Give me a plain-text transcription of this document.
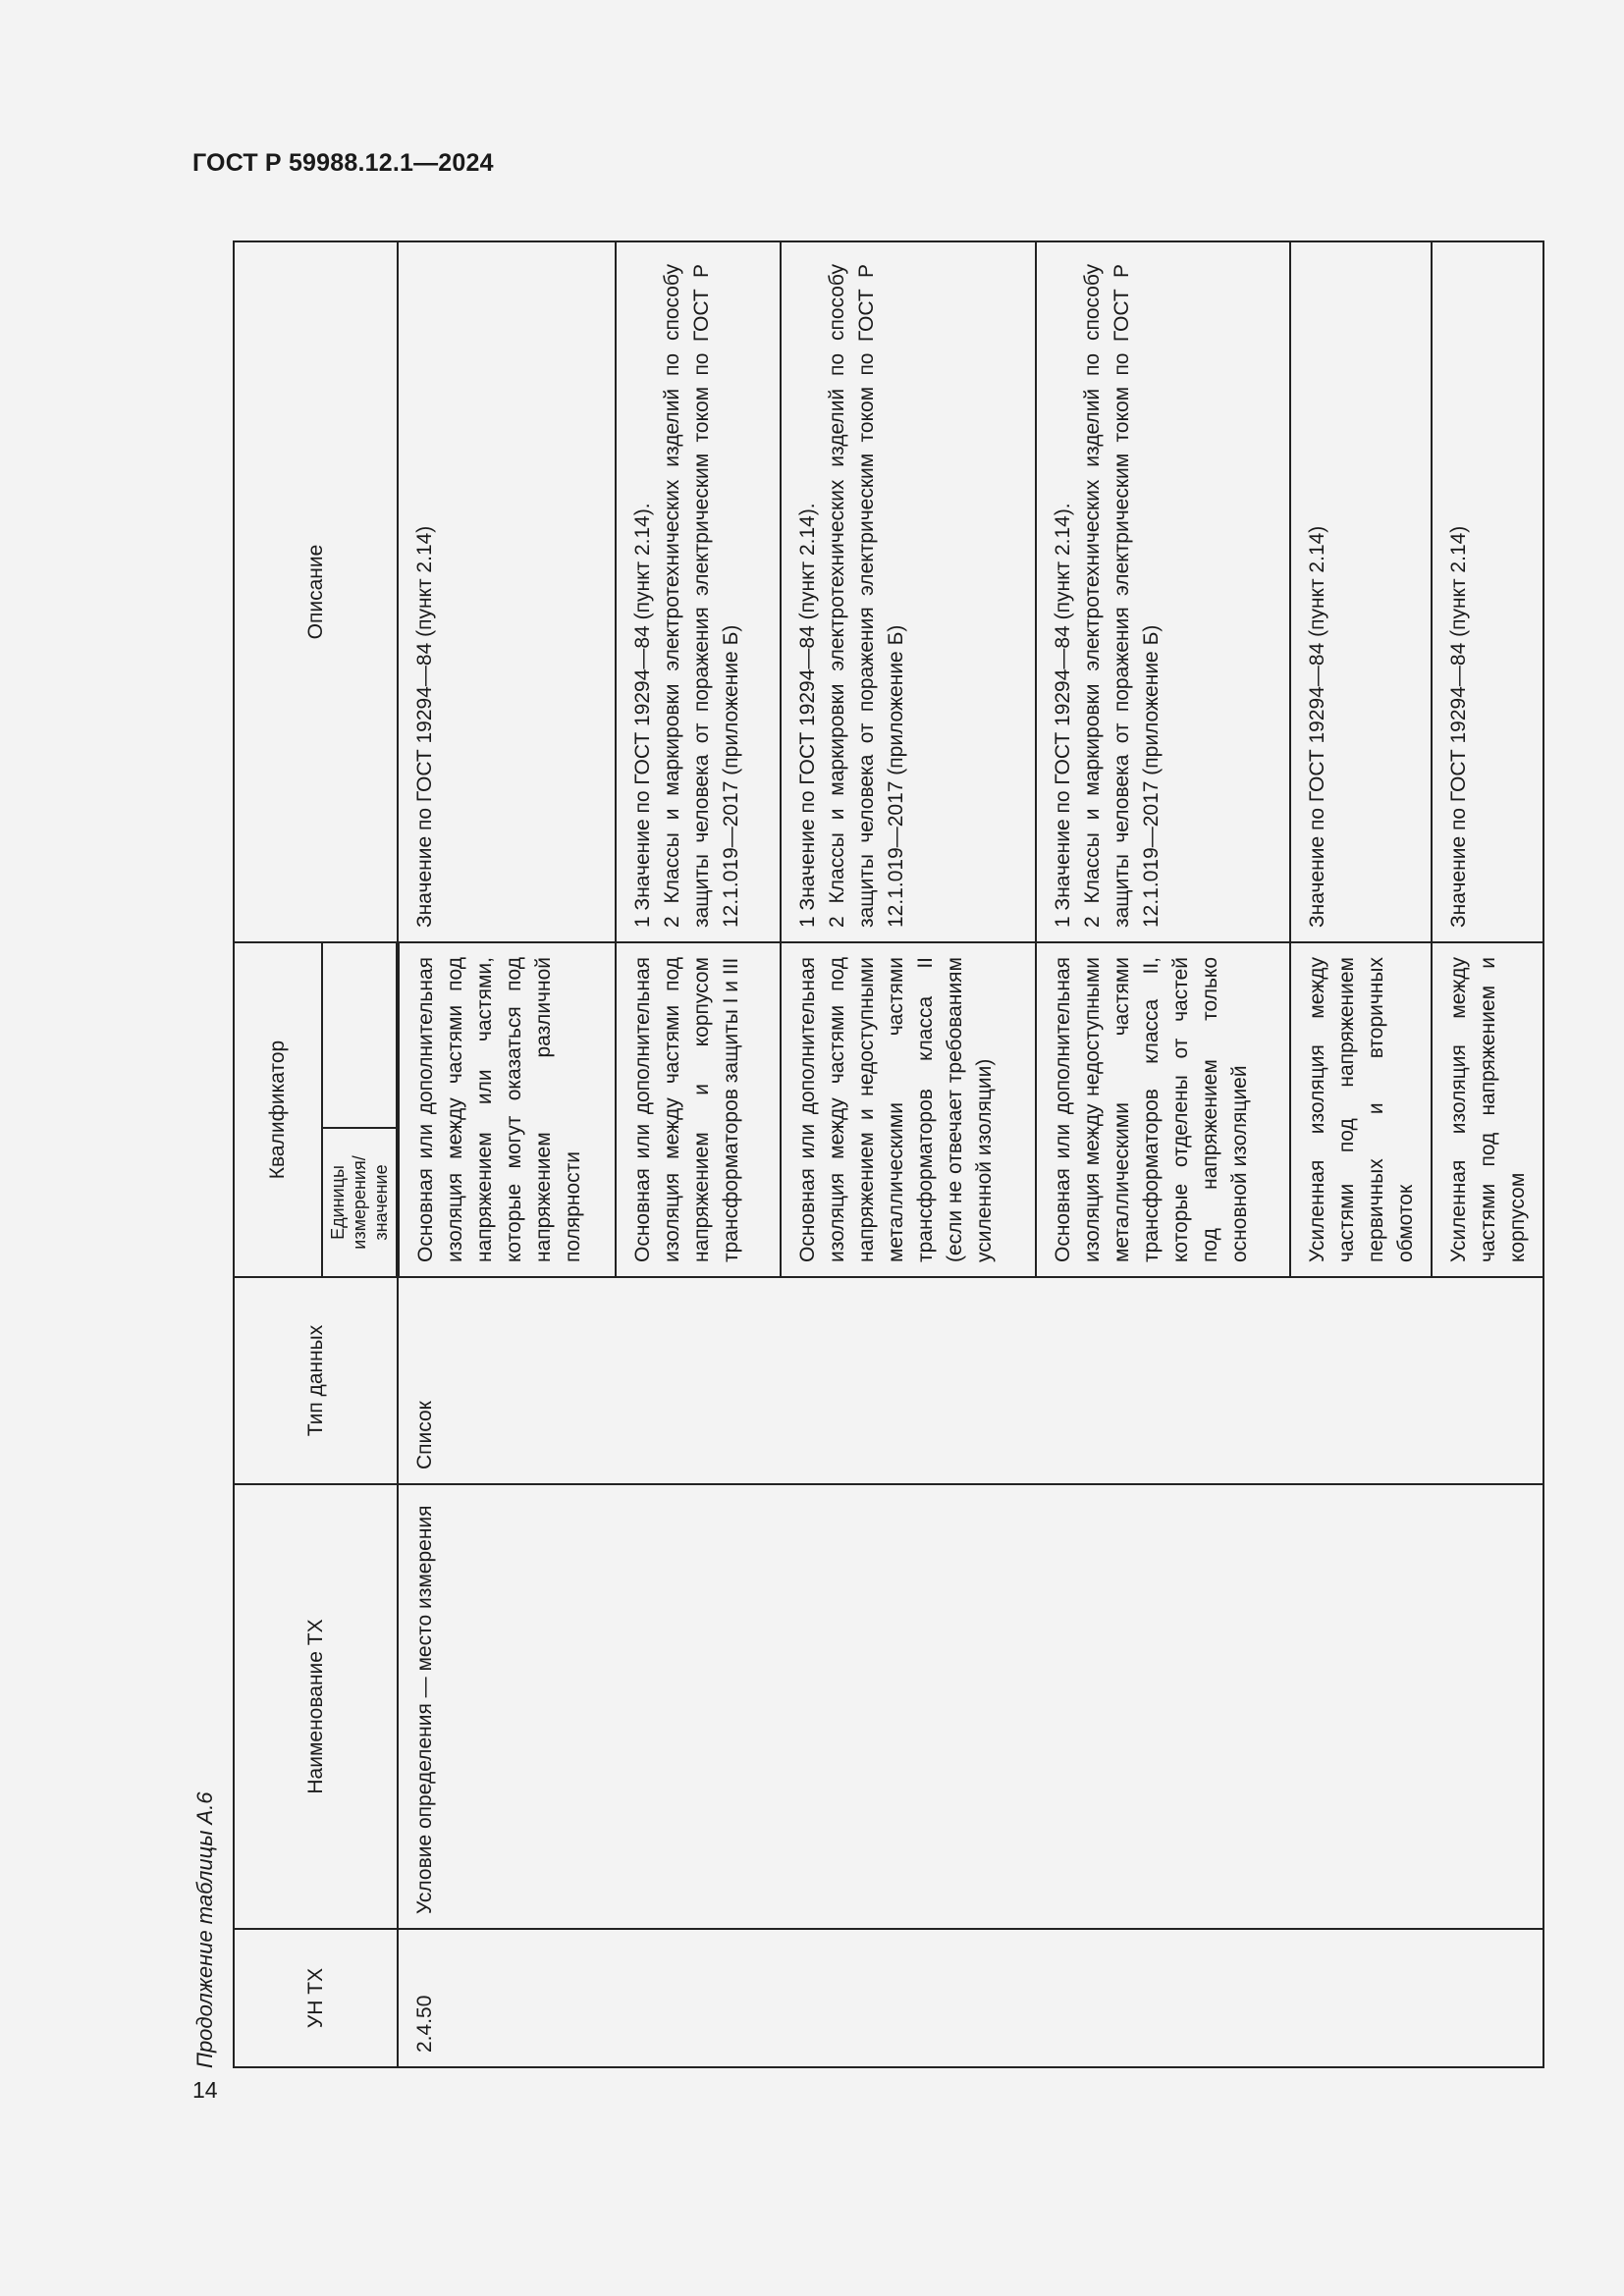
ГОСТ Р 59988.12.1—2024
14
Продолжение таблицы А.6	УН ТХ	Наименование ТХ	Тип данных	Квалификатор		Описание
			Единицы измерения/ значение		
2.4.50	Условие определения — место измерения	Список	Основная или дополнительная изоляция между частями под напряжением или частями, которые могут оказаться под напряжением различной полярности		Значение по ГОСТ 19294—84 (пункт 2.14)

			Основная или дополнительная изоляция между частями под напряжением и корпусом трансформаторов защиты I и III		1 Значение по ГОСТ 19294—84 (пункт 2.14). 2 Классы и маркировки электротехнических изделий по способу защиты человека от поражения электрическим током по ГОСТ Р 12.1.019—2017 (приложение Б)

			Основная или дополнительная изоляция между частями под напряжением и недоступными металлическими частями трансформаторов класса II (если не отвечает требованиям усиленной изоляции)		1 Значение по ГОСТ 19294—84 (пункт 2.14). 2 Классы и маркировки электротехнических изделий по способу защиты человека от поражения электрическим током по ГОСТ Р 12.1.019—2017 (приложение Б)

			Основная или дополнительная изоляция между недоступными металлическими частями трансформаторов класса II, которые отделены от частей под напряжением только основной изоляцией		1 Значение по ГОСТ 19294—84 (пункт 2.14). 2 Классы и маркировки электротехнических изделий по способу защиты человека от поражения электрическим током по ГОСТ Р 12.1.019—2017 (приложение Б)

			Усиленная изоляция между частями под напряжением первичных и вторичных обмоток		Значение по ГОСТ 19294—84 (пункт 2.14)

			Усиленная изоляция между частями под напряжением и корпусом		Значение по ГОСТ 19294—84 (пункт 2.14)
